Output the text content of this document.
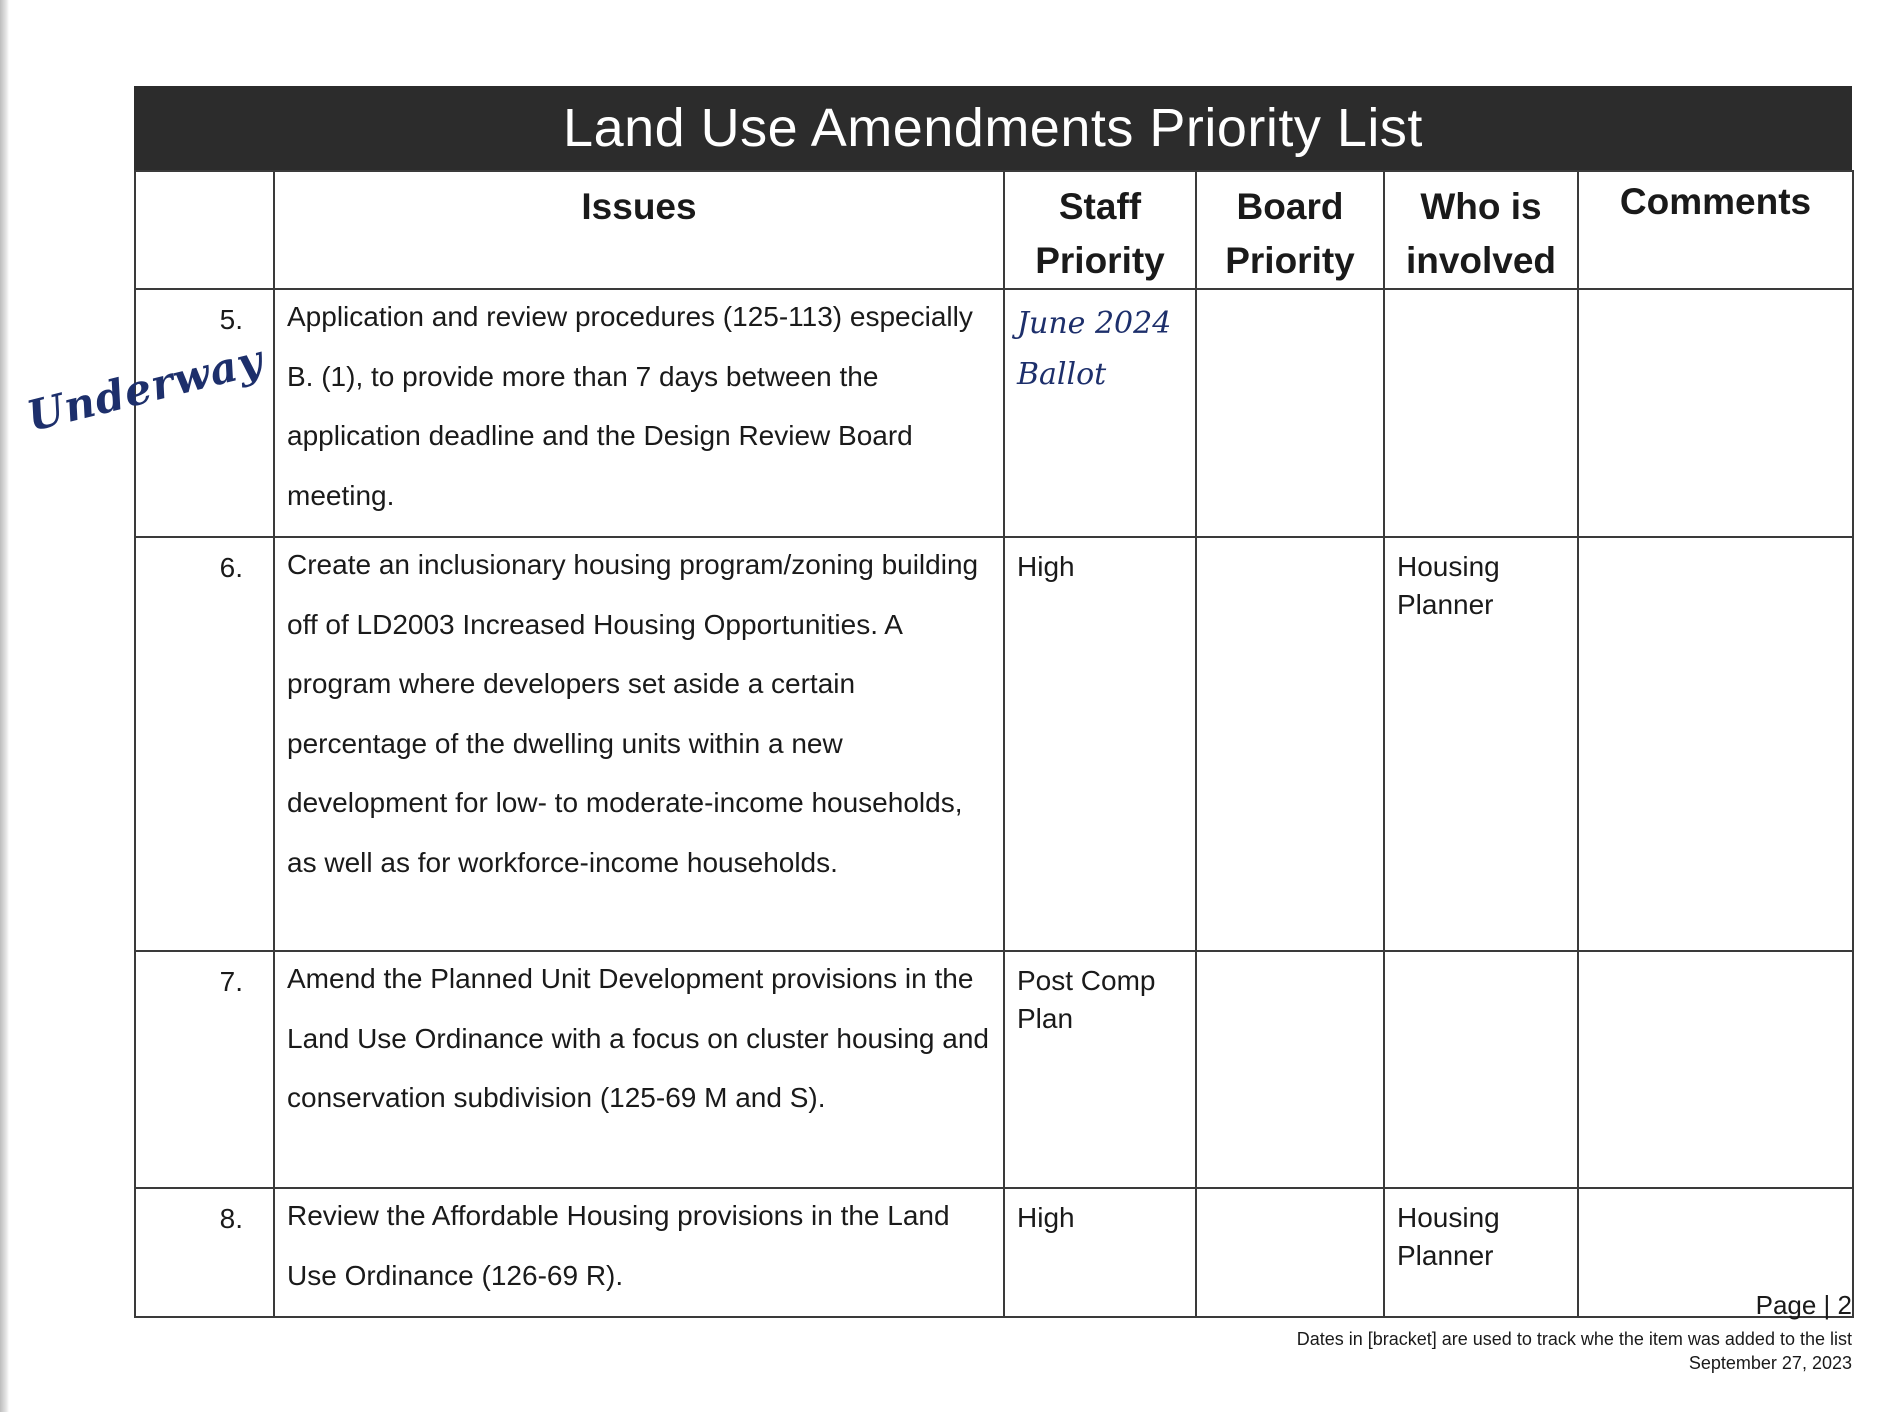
Land Use Amendments Priority List
	Issues	Staff Priority	Board Priority	Who is involved	Comments
5.	Application and review procedures (125-113) especially B. (1), to provide more than 7 days between the application deadline and the Design Review Board meeting.	June 2024 Ballot			
6.	Create an inclusionary housing program/zoning building off of LD2003 Increased Housing Opportunities. A program where developers set aside a certain percentage of the dwelling units within a new development for low- to moderate-income households, as well as for workforce-income households.	High		Housing Planner	
7.	Amend the Planned Unit Development provisions in the Land Use Ordinance with a focus on cluster housing and conservation subdivision (125-69 M and S).	Post Comp Plan			
8.	Review the Affordable Housing provisions in the Land Use Ordinance (126-69 R).	High		Housing Planner	
Underway
Page | 2
Dates in [bracket] are used to track whe the item was added to the list
September 27, 2023
